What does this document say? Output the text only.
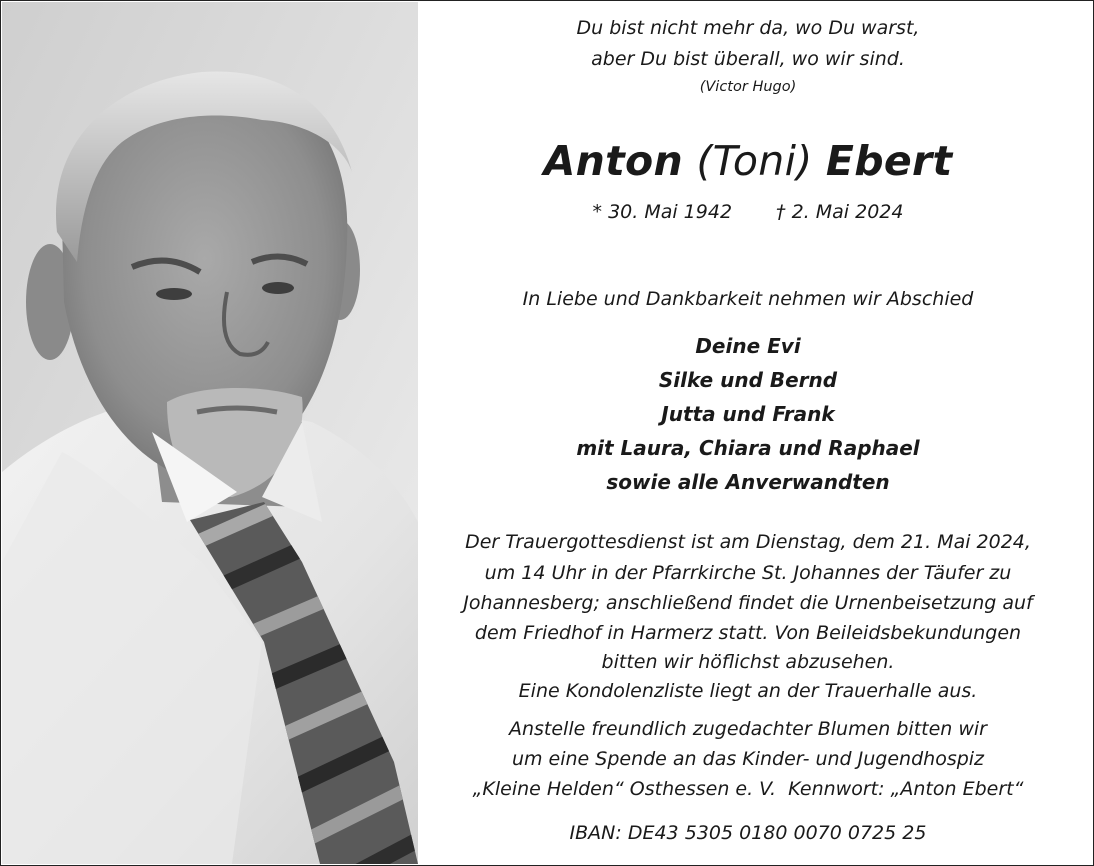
Du bist nicht mehr da, wo Du warst,
aber Du bist überall, wo wir sind.
(Victor Hugo)
Anton (Toni) Ebert
* 30. Mai 1942 † 2. Mai 2024
In Liebe und Dankbarkeit nehmen wir Abschied
Deine Evi
Silke und Bernd
Jutta und Frank
mit Laura, Chiara und Raphael
sowie alle Anverwandten
Der Trauergottesdienst ist am Dienstag, dem 21. Mai 2024,
um 14 Uhr in der Pfarrkirche St. Johannes der Täufer zu
Johannesberg; anschließend findet die Urnenbeisetzung auf
dem Friedhof in Harmerz statt. Von Beileidsbekundungen
bitten wir höflichst abzusehen.
Eine Kondolenzliste liegt an der Trauerhalle aus.
Anstelle freundlich zugedachter Blumen bitten wir
um eine Spende an das Kinder- und Jugendhospiz
„Kleine Helden“ Osthessen e. V.  Kennwort: „Anton Ebert“
IBAN: DE43 5305 0180 0070 0725 25
